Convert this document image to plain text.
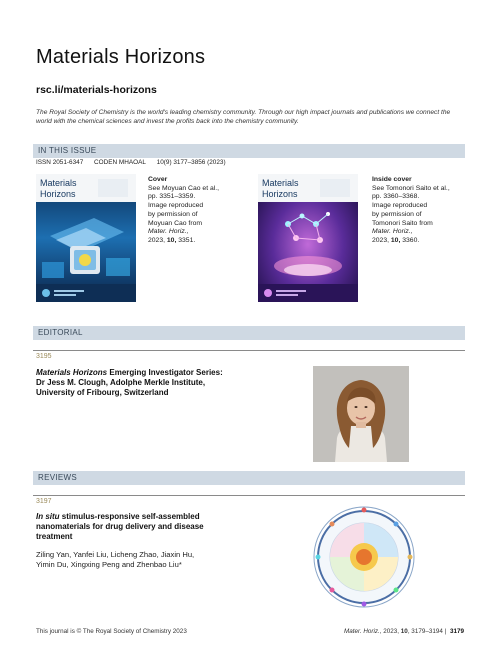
Materials Horizons
rsc.li/materials-horizons
The Royal Society of Chemistry is the world's leading chemistry community. Through our high impact journals and publications we connect the world with the chemical sciences and invest the profits back into the chemistry community.
IN THIS ISSUE
ISSN 2051-6347 CODEN MHAOAL 10(9) 3177–3856 (2023)
Materials
Horizons
Cover
See Moyuan Cao et al.,
pp. 3351–3359.
Image reproduced
by permission of
Moyuan Cao from
Mater. Horiz.,
2023, 10, 3351.
Materials
Horizons
Inside cover
See Tomonori Saito et al.,
pp. 3360–3368.
Image reproduced
by permission of
Tomonori Saito from
Mater. Horiz.,
2023, 10, 3360.
EDITORIAL
3195
Materials Horizons Emerging Investigator Series:
Dr Jess M. Clough, Adolphe Merkle Institute,
University of Fribourg, Switzerland
REVIEWS
3197
In situ stimulus-responsive self-assembled
nanomaterials for drug delivery and disease
treatment
Ziling Yan, Yanfei Liu, Licheng Zhao, Jiaxin Hu,
Yimin Du, Xingxing Peng and Zhenbao Liu*
This journal is © The Royal Society of Chemistry 2023	Mater. Horiz., 2023, 10, 3179–3194 | 3179
